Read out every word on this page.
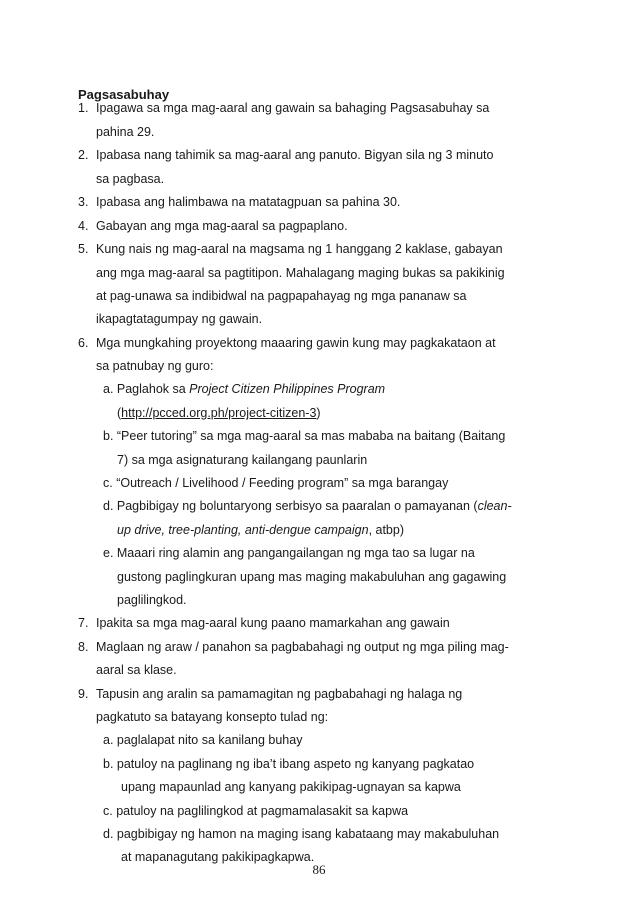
Pagsasabuhay
1. Ipagawa sa mga mag-aaral ang gawain sa bahaging Pagsasabuhay sa
pahina 29.
2. Ipabasa nang tahimik sa mag-aaral ang panuto. Bigyan sila ng 3 minuto
sa pagbasa.
3. Ipabasa ang halimbawa na matatagpuan sa pahina 30.
4. Gabayan ang mga mag-aaral sa pagpaplano.
5. Kung nais ng mag-aaral na magsama ng 1 hanggang 2 kaklase, gabayan
ang mga mag-aaral sa pagtitipon. Mahalagang maging bukas sa pakikinig
at pag-unawa sa indibidwal na pagpapahayag ng mga pananaw sa
ikapagtatagumpay ng gawain.
6. Mga mungkahing proyektong maaaring gawin kung may pagkakataon at
sa patnubay ng guro:
a. Paglahok sa Project Citizen Philippines Program
(http://pcced.org.ph/project-citizen-3)
b. “Peer tutoring” sa mga mag-aaral sa mas mababa na baitang (Baitang
7) sa mga asignaturang kailangang paunlarin
c. “Outreach / Livelihood / Feeding program” sa mga barangay
d. Pagbibigay ng boluntaryong serbisyo sa paaralan o pamayanan (clean-
up drive, tree-planting, anti-dengue campaign, atbp)
e. Maaari ring alamin ang pangangailangan ng mga tao sa lugar na
gustong paglingkuran upang mas maging makabuluhan ang gagawing
paglilingkod.
7. Ipakita sa mga mag-aaral kung paano mamarkahan ang gawain
8. Maglaan ng araw / panahon sa pagbabahagi ng output ng mga piling mag-
aaral sa klase.
9. Tapusin ang aralin sa pamamagitan ng pagbabahagi ng halaga ng
pagkatuto sa batayang konsepto tulad ng:
a. paglalapat nito sa kanilang buhay
b. patuloy na paglinang ng iba’t ibang aspeto ng kanyang pagkatao
upang mapaunlad ang kanyang pakikipag-ugnayan sa kapwa
c. patuloy na paglilingkod at pagmamalasakit sa kapwa
d. pagbibigay ng hamon na maging isang kabataang may makabuluhan
at mapanagutang pakikipagkapwa.
86
